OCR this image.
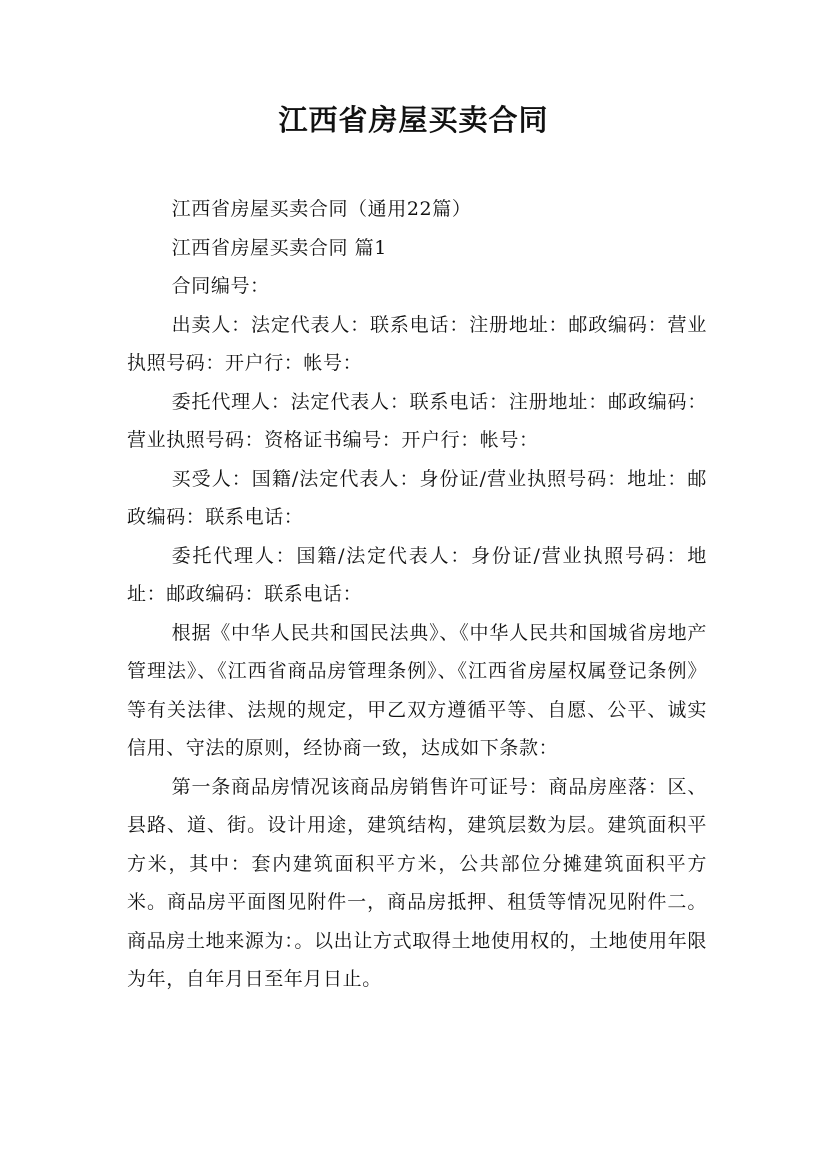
江西省房屋买卖合同

江西省房屋买卖合同（通用22篇）

江西省房屋买卖合同 篇1

合同编号：

出卖人：法定代表人：联系电话：注册地址：邮政编码：营业执照号码：开户行：帐号：

委托代理人：法定代表人：联系电话：注册地址：邮政编码：营业执照号码：资格证书编号：开户行：帐号：

买受人：国籍/法定代表人：身份证/营业执照号码：地址：邮政编码：联系电话：

委托代理人：国籍/法定代表人：身份证/营业执照号码：地址：邮政编码：联系电话：

根据《中华人民共和国民法典》、《中华人民共和国城省房地产管理法》、《江西省商品房管理条例》、《江西省房屋权属登记条例》等有关法律、法规的规定，甲乙双方遵循平等、自愿、公平、诚实信用、守法的原则，经协商一致，达成如下条款：

第一条商品房情况该商品房销售许可证号：商品房座落：区、县路、道、街。设计用途，建筑结构，建筑层数为层。建筑面积平方米，其中：套内建筑面积平方米，公共部位分摊建筑面积平方米。商品房平面图见附件一，商品房抵押、租赁等情况见附件二。商品房土地来源为：。以出让方式取得土地使用权的，土地使用年限为年，自年月日至年月日止。
